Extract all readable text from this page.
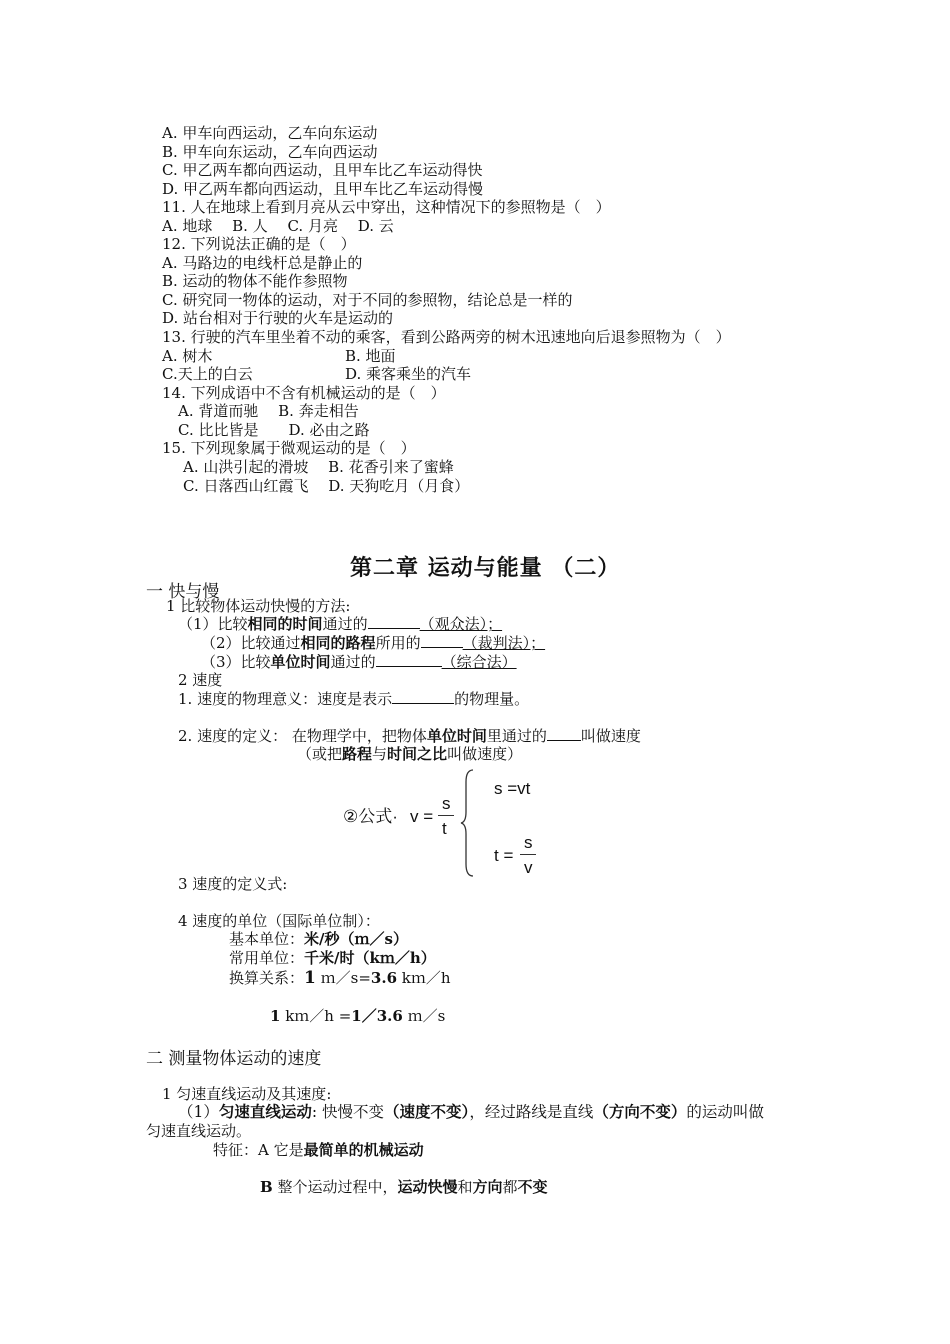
A. 甲车向西运动，乙车向东运动
B. 甲车向东运动，乙车向西运动
C. 甲乙两车都向西运动，且甲车比乙车运动得快
D. 甲乙两车都向西运动，且甲车比乙车运动得慢
11. 人在地球上看到月亮从云中穿出，这种情况下的参照物是（　）
A. 地球　 B. 人　 C. 月亮　 D. 云
12. 下列说法正确的是（　）
A. 马路边的电线杆总是静止的
B. 运动的物体不能作参照物
C. 研究同一物体的运动，对于不同的参照物，结论总是一样的
D. 站台相对于行驶的火车是运动的
13. 行驶的汽车里坐着不动的乘客，看到公路两旁的树木迅速地向后退参照物为（　）
A. 树木	B. 地面
C.天上的白云	D. 乘客乘坐的汽车
14. 下列成语中不含有机械运动的是（　）
A. 背道而驰　 B. 奔走相告
C. 比比皆是　　D. 必由之路
15. 下列现象属于微观运动的是（　）
A. 山洪引起的滑坡　 B. 花香引来了蜜蜂
C. 日落西山红霞飞　 D. 天狗吃月（月食）
第二章 运动与能量 （二）
一 快与慢
1 比较物体运动快慢的方法:
（1）比较相同的时间通过的	（观众法）；
（2）比较通过相同的路程所用的	（裁判法）；
（3）比较单位时间通过的	（综合法）
2 速度
1. 速度的物理意义：速度是表示	的物理量。
2. 速度的定义： 在物理学中，把物体单位时间里通过的 叫做速度
（或把路程与时间之比叫做速度）
②公式· v =
s
t
s =vt
t =
s
v
3 速度的定义式:
4 速度的单位（国际单位制）：
基本单位：米/秒（ｍ／s）
常用单位：千米/时（kｍ／h）
换算关系：1 ｍ／s=3.6 kｍ／h
1 kｍ／h =1／3.6 ｍ／s
二 测量物体运动的速度
1 匀速直线运动及其速度:
（1）匀速直线运动: 快慢不变（速度不变），经过路线是直线（方向不变）的运动叫做
匀速直线运动。
特征：A 它是最简单的机械运动
B 整个运动过程中，运动快慢和方向都不变
